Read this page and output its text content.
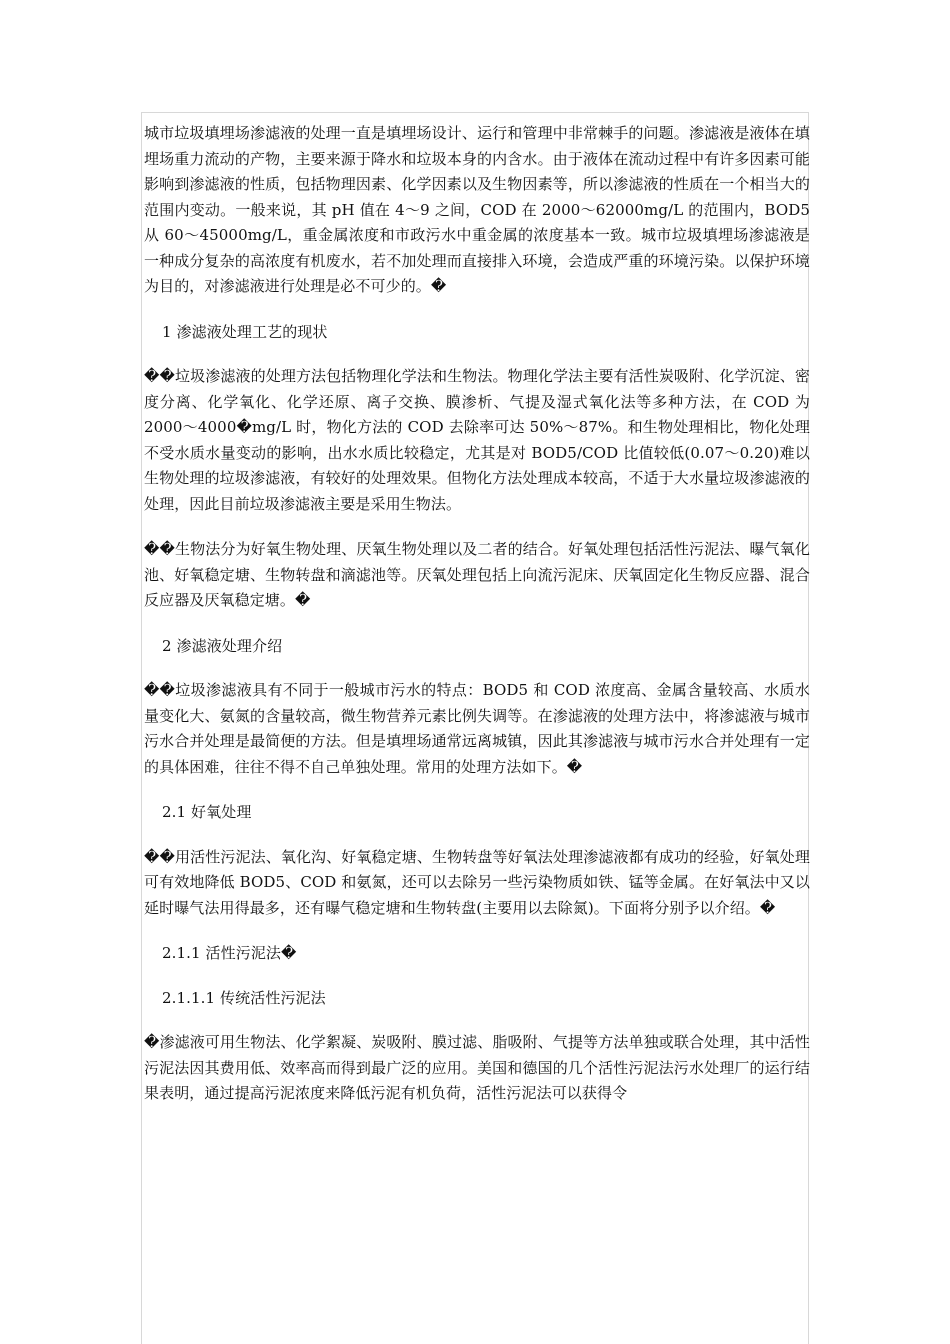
城市垃圾填埋场渗滤液的处理一直是填埋场设计、运行和管理中非常棘手的问题。渗滤液是液体在填埋场重力流动的产物，主要来源于降水和垃圾本身的内含水。由于液体在流动过程中有许多因素可能影响到渗滤液的性质，包括物理因素、化学因素以及生物因素等，所以渗滤液的性质在一个相当大的范围内变动。一般来说，其 pH 值在 4～9 之间，COD 在 2000～62000mg/L 的范围内，BOD5 从 60～45000mg/L，重金属浓度和市政污水中重金属的浓度基本一致。城市垃圾填埋场渗滤液是一种成分复杂的高浓度有机废水，若不加处理而直接排入环境，会造成严重的环境污染。以保护环境为目的，对渗滤液进行处理是必不可少的。�

1 渗滤液处理工艺的现状

��垃圾渗滤液的处理方法包括物理化学法和生物法。物理化学法主要有活性炭吸附、化学沉淀、密度分离、化学氧化、化学还原、离子交换、膜渗析、气提及湿式氧化法等多种方法，在 COD 为 2000～4000�mg/L 时，物化方法的 COD 去除率可达 50%～87%。和生物处理相比，物化处理不受水质水量变动的影响，出水水质比较稳定，尤其是对 BOD5/COD 比值较低(0.07～0.20)难以生物处理的垃圾渗滤液，有较好的处理效果。但物化方法处理成本较高，不适于大水量垃圾渗滤液的处理，因此目前垃圾渗滤液主要是采用生物法。

��生物法分为好氧生物处理、厌氧生物处理以及二者的结合。好氧处理包括活性污泥法、曝气氧化池、好氧稳定塘、生物转盘和滴滤池等。厌氧处理包括上向流污泥床、厌氧固定化生物反应器、混合反应器及厌氧稳定塘。�

2 渗滤液处理介绍

��垃圾渗滤液具有不同于一般城市污水的特点：BOD5 和 COD 浓度高、金属含量较高、水质水量变化大、氨氮的含量较高，微生物营养元素比例失调等。在渗滤液的处理方法中，将渗滤液与城市污水合并处理是最简便的方法。但是填埋场通常远离城镇，因此其渗滤液与城市污水合并处理有一定的具体困难，往往不得不自己单独处理。常用的处理方法如下。�

2.1 好氧处理

��用活性污泥法、氧化沟、好氧稳定塘、生物转盘等好氧法处理渗滤液都有成功的经验，好氧处理可有效地降低 BOD5、COD 和氨氮，还可以去除另一些污染物质如铁、锰等金属。在好氧法中又以延时曝气法用得最多，还有曝气稳定塘和生物转盘(主要用以去除氮)。下面将分别予以介绍。�

2.1.1 活性污泥法�

2.1.1.1 传统活性污泥法

�渗滤液可用生物法、化学絮凝、炭吸附、膜过滤、脂吸附、气提等方法单独或联合处理，其中活性污泥法因其费用低、效率高而得到最广泛的应用。美国和德国的几个活性污泥法污水处理厂的运行结果表明，通过提高污泥浓度来降低污泥有机负荷，活性污泥法可以获得令
